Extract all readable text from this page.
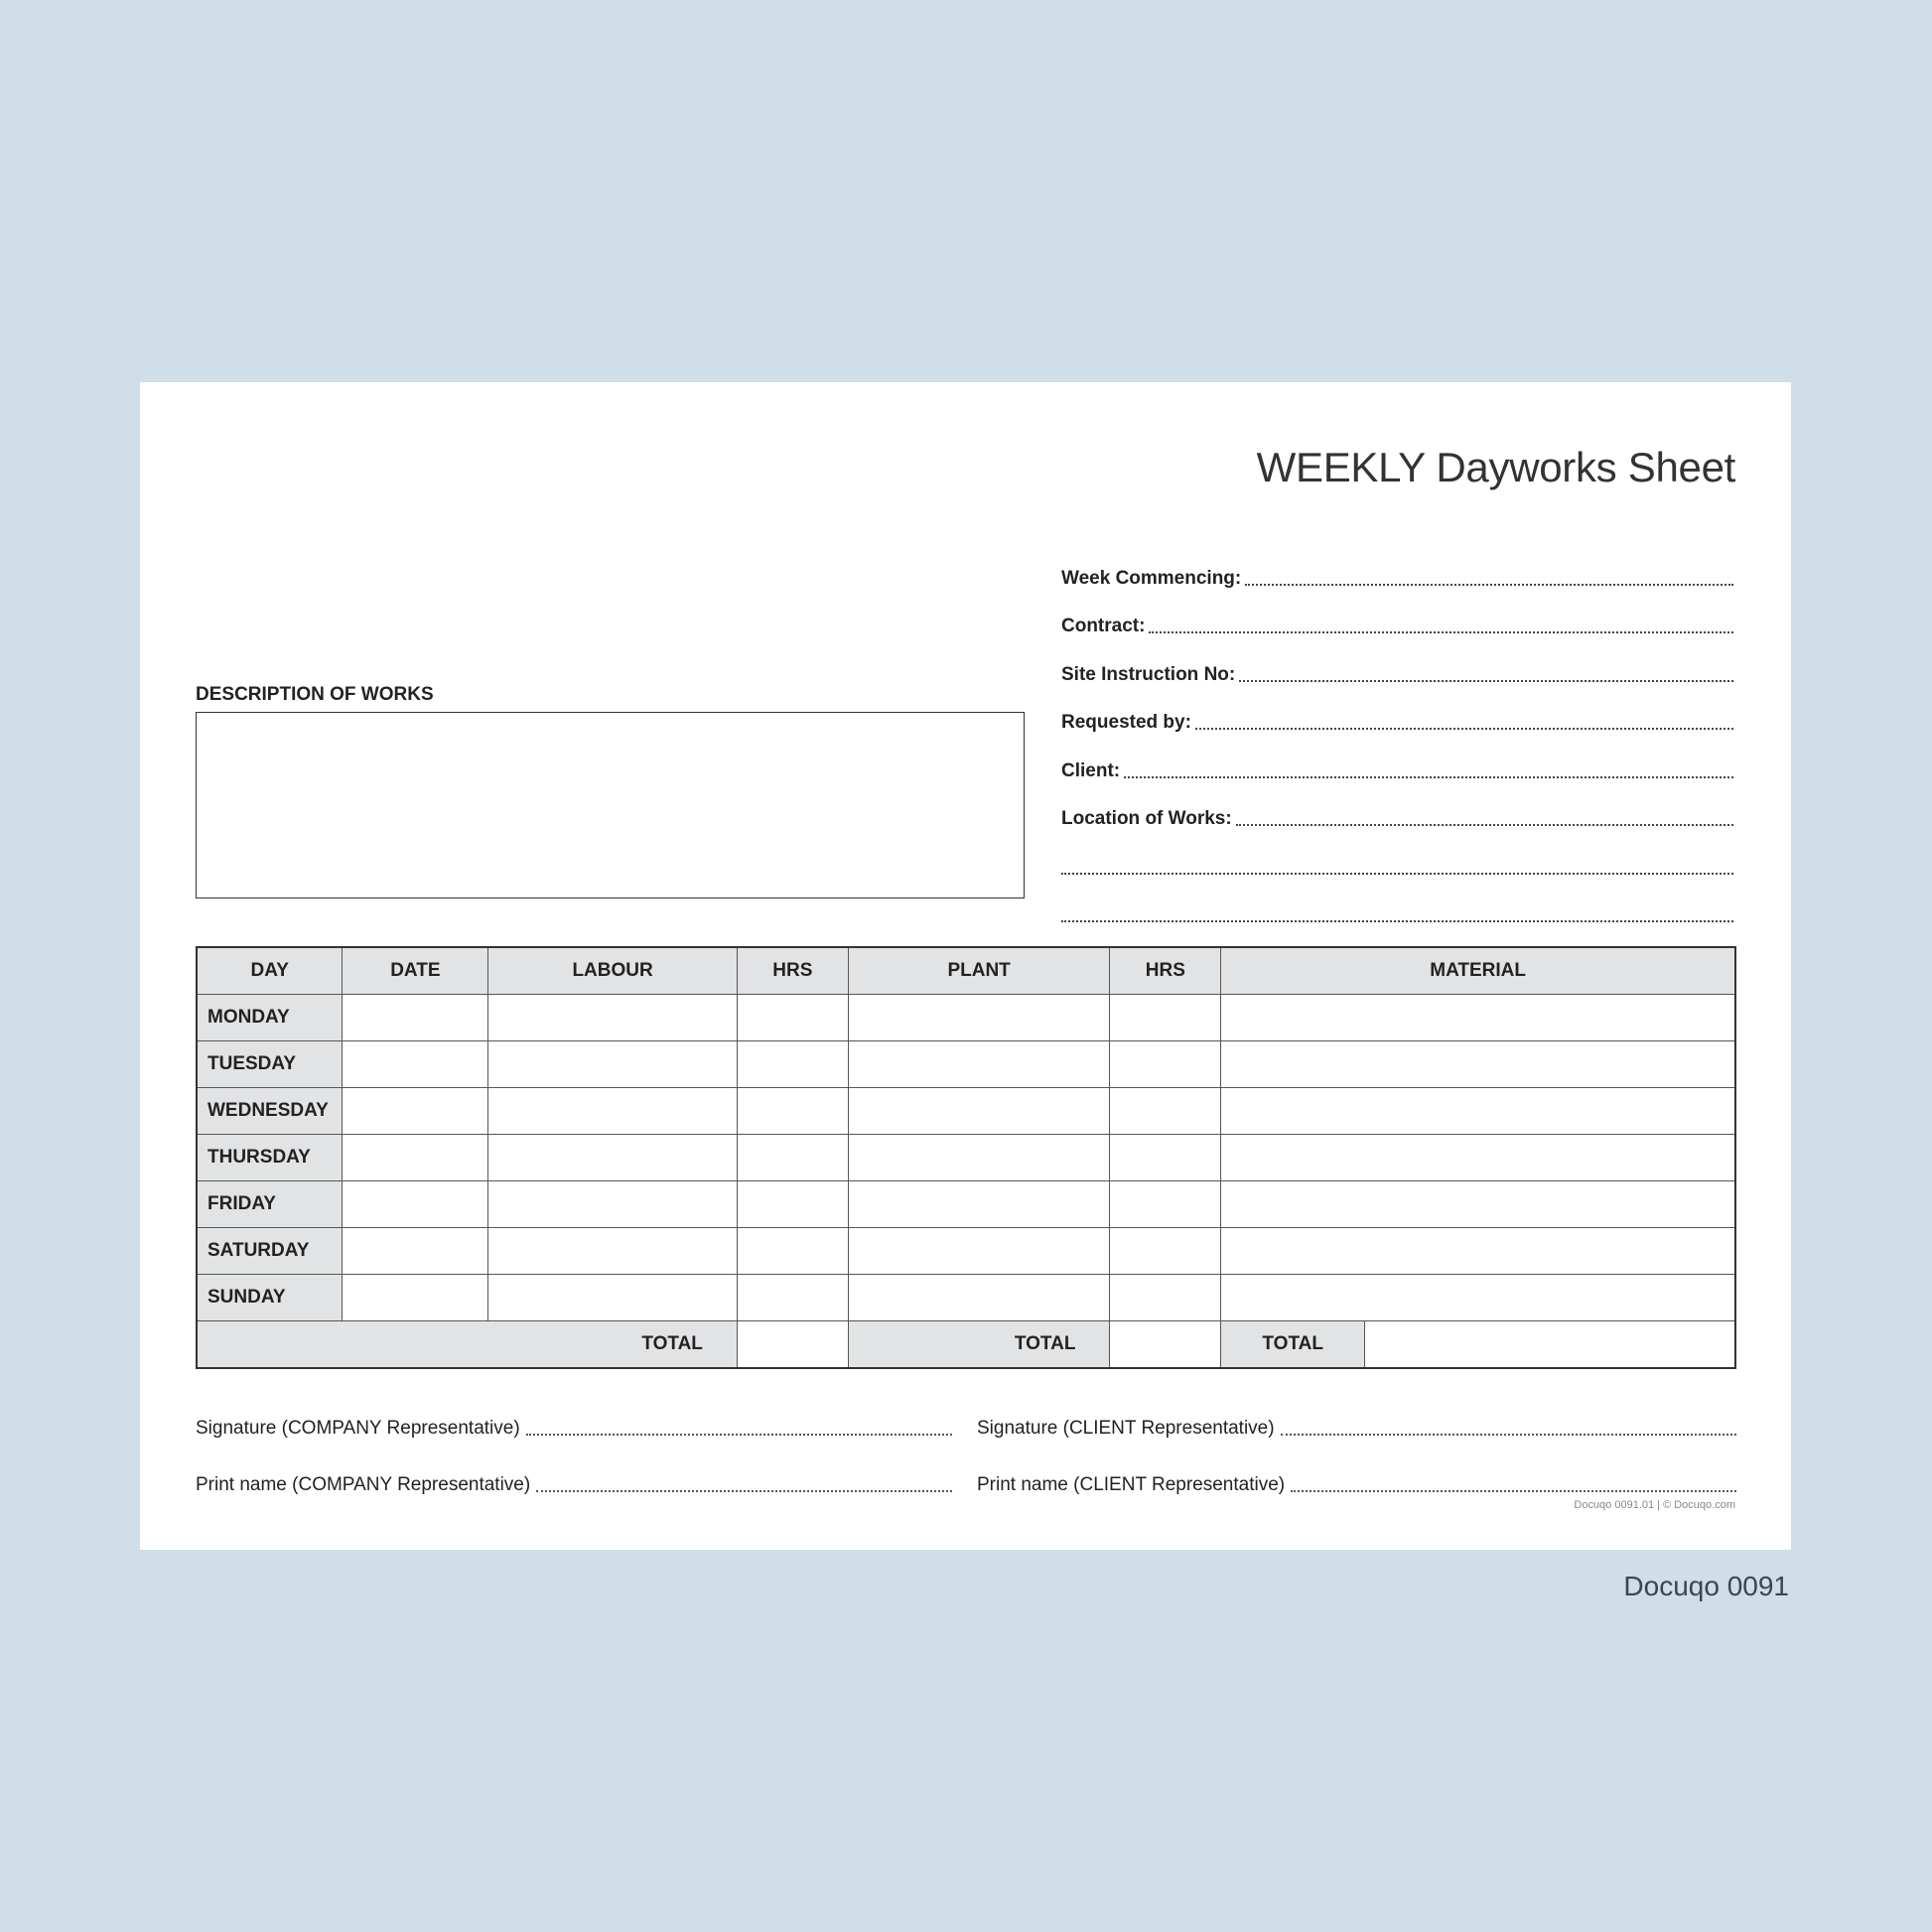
WEEKLY Dayworks Sheet
Week Commencing:
Contract:
Site Instruction No:
Requested by:
Client:
Location of Works:
DESCRIPTION OF WORKS
DAY	DATE	LABOUR	HRS	PLANT	HRS	MATERIAL	
MONDAY							
TUESDAY							
WEDNESDAY							
THURSDAY							
FRIDAY							
SATURDAY							
SUNDAY							
TOTAL				TOTAL		TOTAL	
Signature (COMPANY Representative)	Signature (CLIENT Representative)
Print name (COMPANY Representative)	Print name (CLIENT Representative)
Docuqo 0091.01 | © Docuqo.com
Docuqo 0091
